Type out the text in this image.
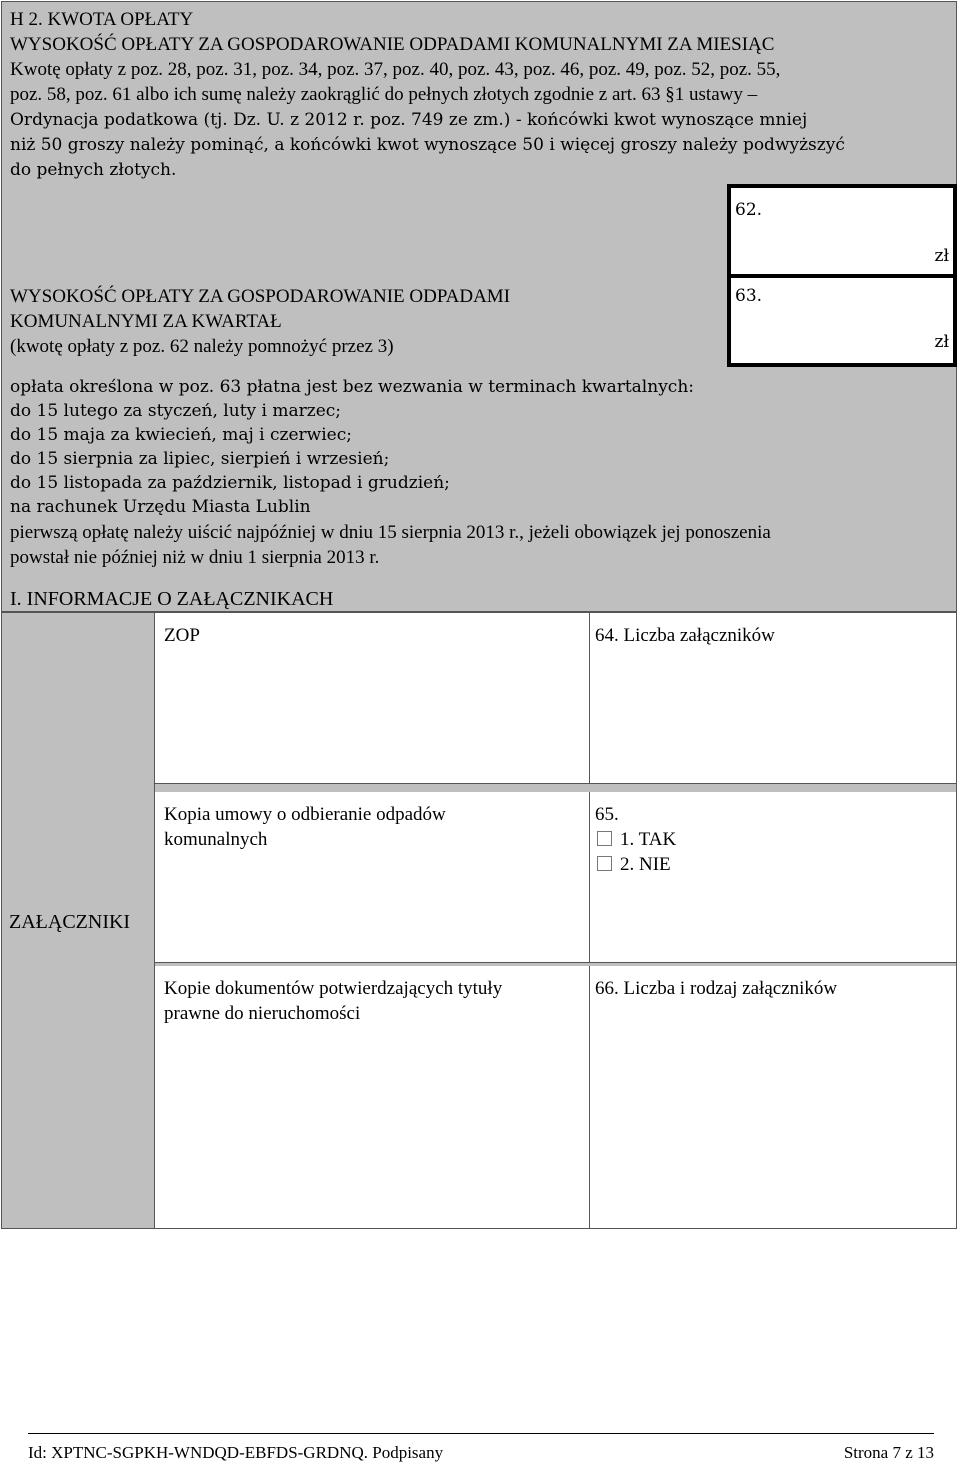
H 2. KWOTA OPŁATY
WYSOKOŚĆ OPŁATY ZA GOSPODAROWANIE ODPADAMI KOMUNALNYMI ZA MIESIĄC
Kwotę opłaty z poz. 28, poz. 31, poz. 34, poz. 37, poz. 40, poz. 43, poz. 46, poz. 49, poz. 52, poz. 55,
poz. 58, poz. 61 albo ich sumę należy zaokrąglić do pełnych złotych zgodnie z art. 63 §1 ustawy –
Ordynacja podatkowa (tj. Dz. U. z 2012 r. poz. 749 ze zm.) - końcówki kwot wynoszące mniej
niż 50 groszy należy pominąć, a końcówki kwot wynoszące 50 i więcej groszy należy podwyższyć
do pełnych złotych.
WYSOKOŚĆ OPŁATY ZA GOSPODAROWANIE ODPADAMI
KOMUNALNYMI ZA KWARTAŁ
(kwotę opłaty z poz. 62 należy pomnożyć przez 3)
opłata określona w poz. 63 płatna jest bez wezwania w terminach kwartalnych:
do 15 lutego za styczeń, luty i marzec;
do 15 maja za kwiecień, maj i czerwiec;
do 15 sierpnia za lipiec, sierpień i wrzesień;
do 15 listopada za październik, listopad i grudzień;
na rachunek Urzędu Miasta Lublin
pierwszą opłatę należy uiścić najpóźniej w dniu 15 sierpnia 2013 r., jeżeli obowiązek jej ponoszenia
powstał nie później niż w dniu 1 sierpnia 2013 r.
I. INFORMACJE O ZAŁĄCZNIKACH
62.
zł
63.
zł
ZAŁĄCZNIKI
ZOP	64. Liczba załączników
Kopia umowy o odbieranie odpadów
komunalnych
65.
1. TAK
2. NIE
Kopie dokumentów potwierdzających tytuły
prawne do nieruchomości
66. Liczba i rodzaj załączników
Id: XPTNC-SGPKH-WNDQD-EBFDS-GRDNQ. Podpisany	Strona 7 z 13
